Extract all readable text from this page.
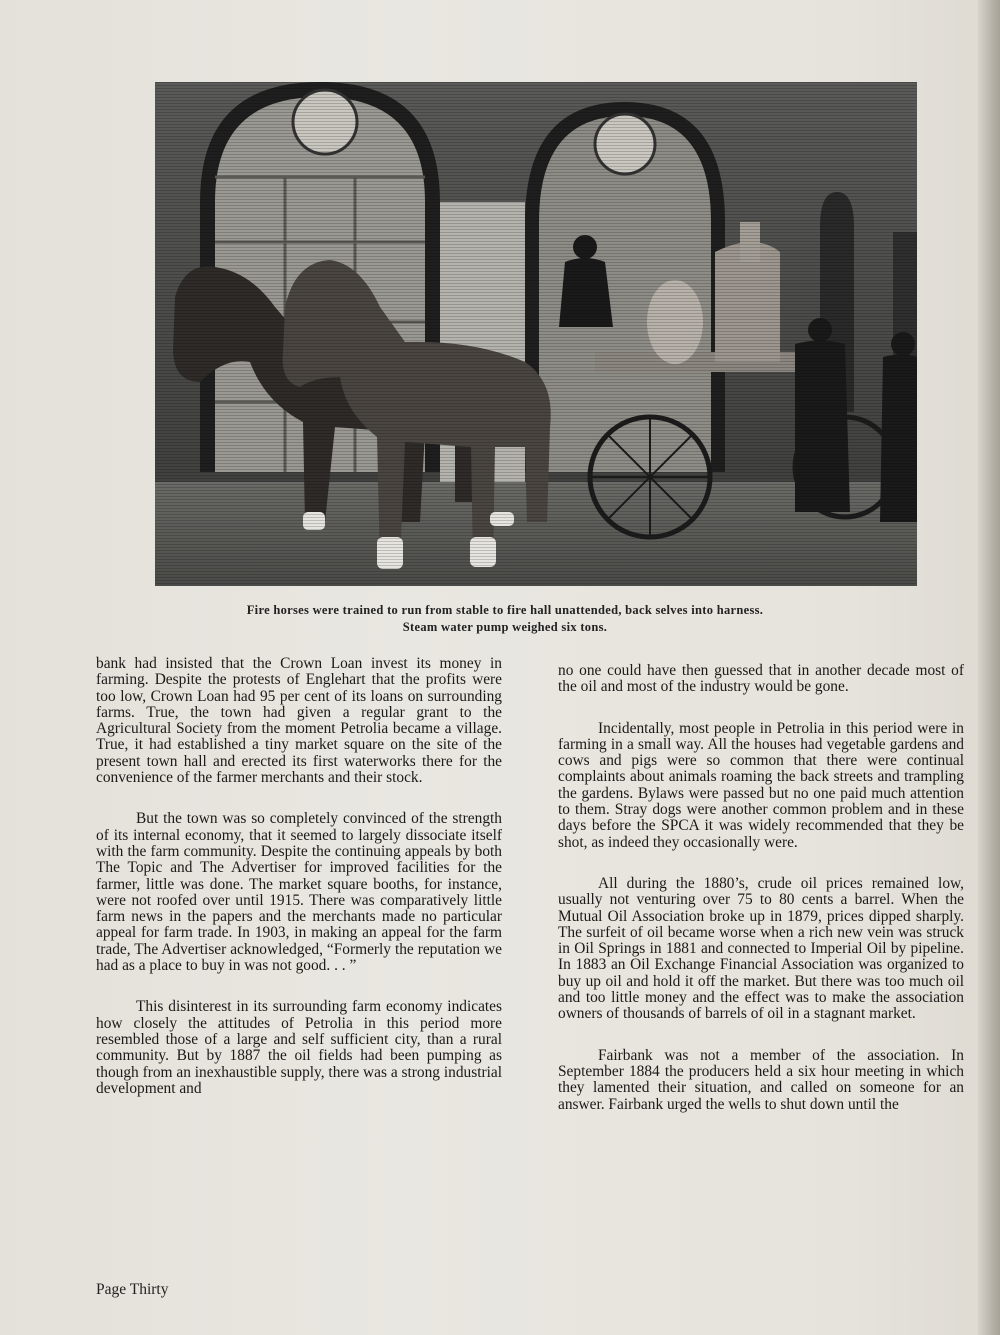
Fire horses were trained to run from stable to fire hall unattended, back selves into harness.
Steam water pump weighed six tons.

bank had insisted that the Crown Loan invest its money in farming. Despite the protests of Englehart that the profits were too low, Crown Loan had 95 per cent of its loans on surrounding farms. True, the town had given a regular grant to the Agricultural Society from the moment Petrolia became a village. True, it had established a tiny market square on the site of the present town hall and erected its first waterworks there for the convenience of the farmer merchants and their stock.

But the town was so completely convinced of the strength of its internal economy, that it seemed to largely dissociate itself with the farm community. Despite the continuing appeals by both The Topic and The Advertiser for improved facilities for the farmer, little was done. The market square booths, for instance, were not roofed over until 1915. There was comparatively little farm news in the papers and the merchants made no particular appeal for farm trade. In 1903, in making an appeal for the farm trade, The Advertiser acknowledged, “Formerly the reputation we had as a place to buy in was not good. . . ”

This disinterest in its surrounding farm economy indicates how closely the attitudes of Petrolia in this period more resembled those of a large and self sufficient city, than a rural community. But by 1887 the oil fields had been pumping as though from an inexhaustible supply, there was a strong industrial development and

no one could have then guessed that in another decade most of the oil and most of the industry would be gone.

Incidentally, most people in Petrolia in this period were in farming in a small way. All the houses had vegetable gardens and cows and pigs were so common that there were continual complaints about animals roaming the back streets and trampling the gardens. Bylaws were passed but no one paid much attention to them. Stray dogs were another common problem and in these days before the SPCA it was widely recommended that they be shot, as indeed they occasionally were.

All during the 1880’s, crude oil prices remained low, usually not venturing over 75 to 80 cents a barrel. When the Mutual Oil Association broke up in 1879, prices dipped sharply. The surfeit of oil became worse when a rich new vein was struck in Oil Springs in 1881 and connected to Imperial Oil by pipeline. In 1883 an Oil Exchange Financial Association was organized to buy up oil and hold it off the market. But there was too much oil and too little money and the effect was to make the association owners of thousands of barrels of oil in a stagnant market.

Fairbank was not a member of the association. In September 1884 the producers held a six hour meeting in which they lamented their situation, and called on someone for an answer. Fairbank urged the wells to shut down until the

Page Thirty
